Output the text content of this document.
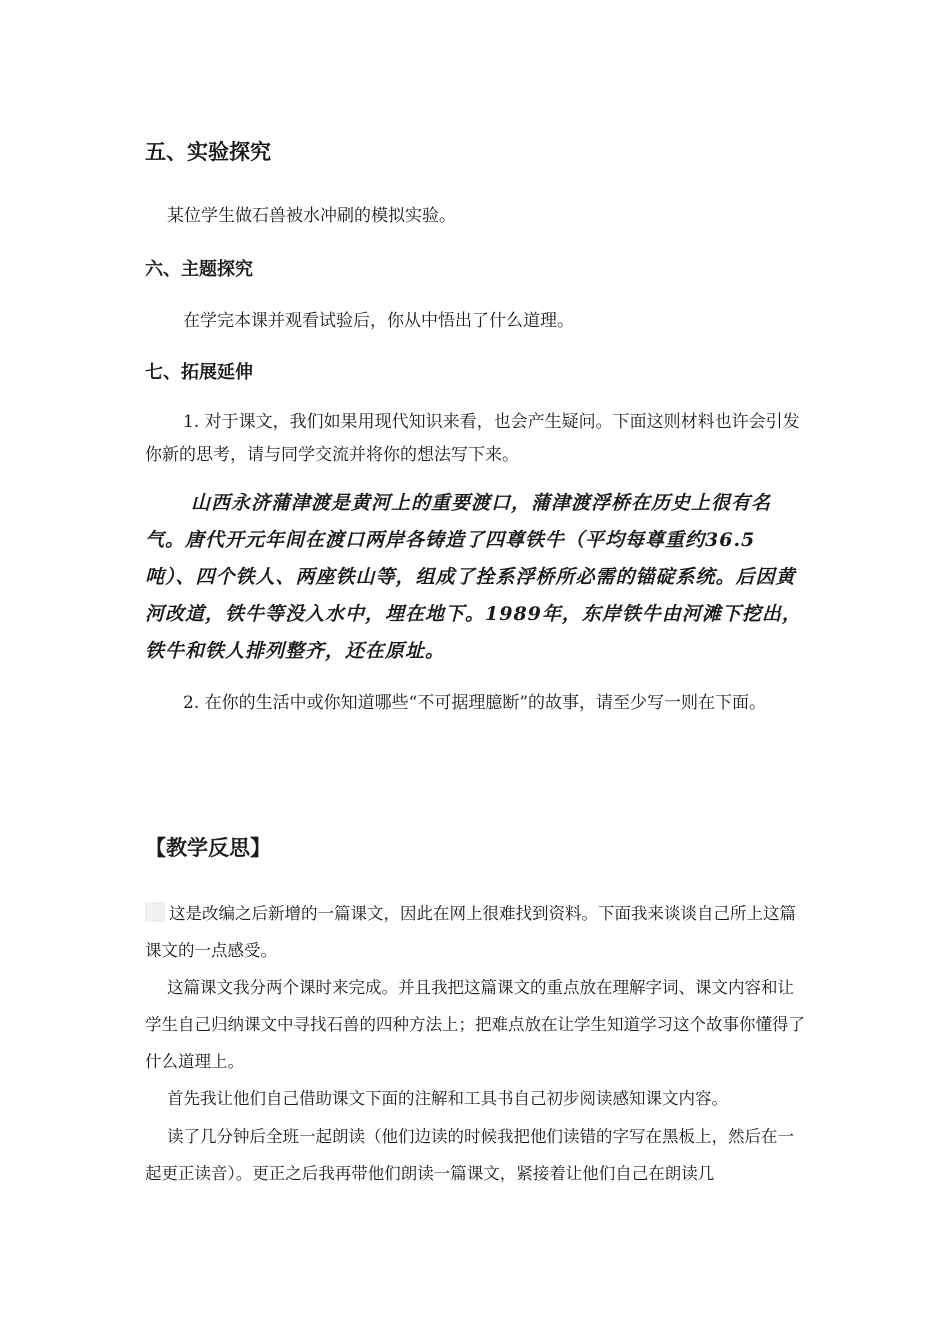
五、实验探究

某位学生做石兽被水冲刷的模拟实验。

六、主题探究

在学完本课并观看试验后，你从中悟出了什么道理。

七、拓展延伸

1. 对于课文，我们如果用现代知识来看，也会产生疑问。下面这则材料也许会引发你新的思考，请与同学交流并将你的想法写下来。

山西永济蒲津渡是黄河上的重要渡口，蒲津渡浮桥在历史上很有名气。唐代开元年间在渡口两岸各铸造了四尊铁牛（平均每尊重约36.5吨）、四个铁人、两座铁山等，组成了拴系浮桥所必需的锚碇系统。后因黄河改道，铁牛等没入水中，埋在地下。1989年，东岸铁牛由河滩下挖出，铁牛和铁人排列整齐，还在原址。

2. 在你的生活中或你知道哪些“不可据理臆断”的故事，请至少写一则在下面。

【教学反思】

这是改编之后新增的一篇课文，因此在网上很难找到资料。下面我来谈谈自己所上这篇课文的一点感受。

这篇课文我分两个课时来完成。并且我把这篇课文的重点放在理解字词、课文内容和让学生自己归纳课文中寻找石兽的四种方法上；把难点放在让学生知道学习这个故事你懂得了什么道理上。

首先我让他们自己借助课文下面的注解和工具书自己初步阅读感知课文内容。

读了几分钟后全班一起朗读（他们边读的时候我把他们读错的字写在黑板上，然后在一起更正读音）。更正之后我再带他们朗读一篇课文，紧接着让他们自己在朗读几
